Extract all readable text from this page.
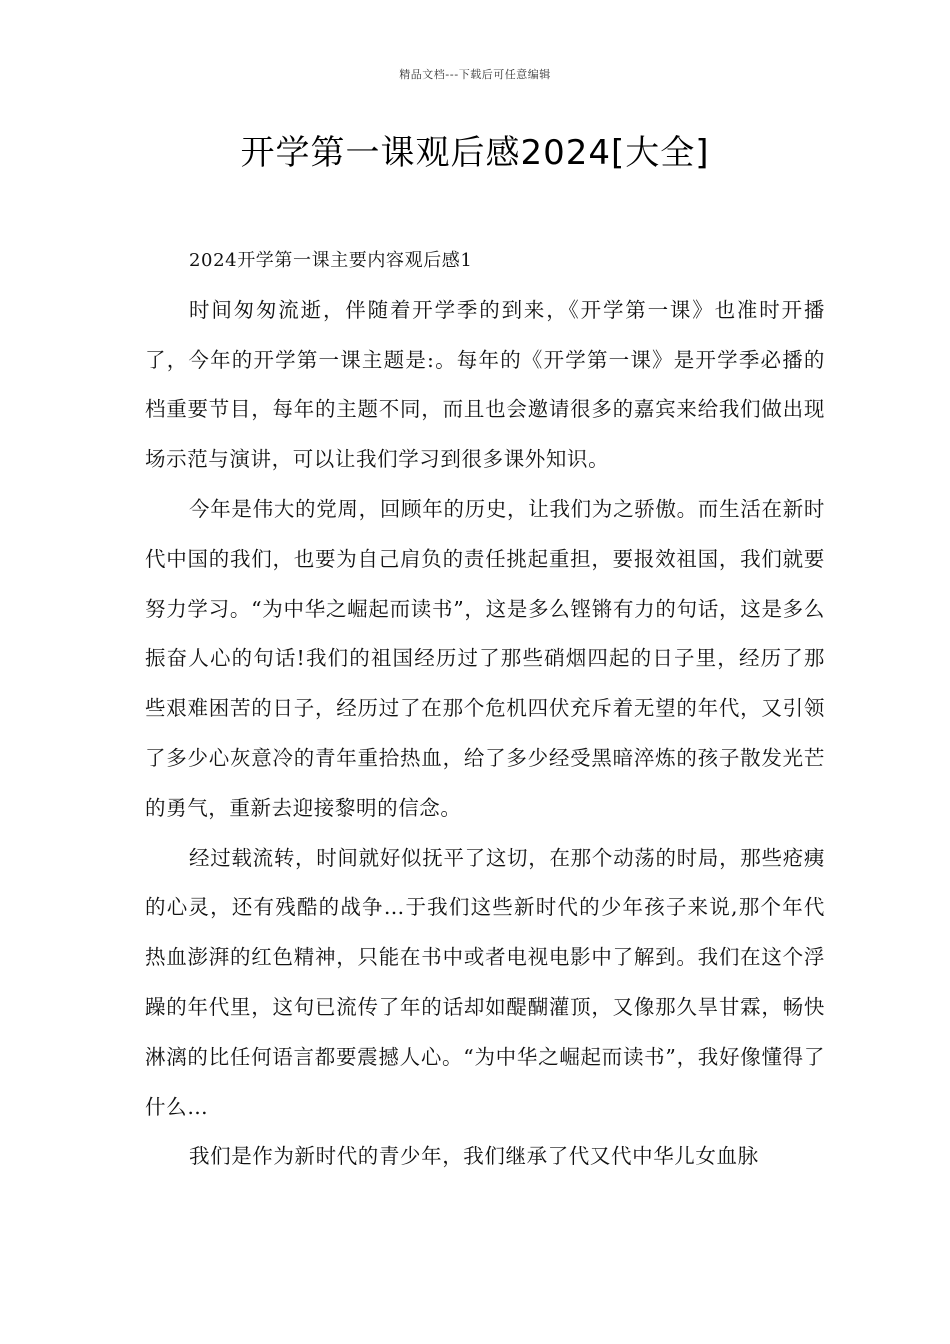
精品文档---下载后可任意编辑
开学第一课观后感2024[大全]

2024开学第一课主要内容观后感1

时间匆匆流逝，伴随着开学季的到来，《开学第一课》也准时开播了，今年的开学第一课主题是:。每年的《开学第一课》是开学季必播的档重要节目，每年的主题不同，而且也会邀请很多的嘉宾来给我们做出现场示范与演讲，可以让我们学习到很多课外知识。

今年是伟大的党周，回顾年的历史，让我们为之骄傲。而生活在新时代中国的我们，也要为自己肩负的责任挑起重担，要报效祖国，我们就要努力学习。“为中华之崛起而读书”，这是多么铿锵有力的句话，这是多么振奋人心的句话!我们的祖国经历过了那些硝烟四起的日子里，经历了那些艰难困苦的日子，经历过了在那个危机四伏充斥着无望的年代，又引领了多少心灰意冷的青年重拾热血，给了多少经受黑暗淬炼的孩子散发光芒的勇气，重新去迎接黎明的信念。

经过载流转，时间就好似抚平了这切，在那个动荡的时局，那些疮痍的心灵，还有残酷的战争…于我们这些新时代的少年孩子来说,那个年代热血澎湃的红色精神，只能在书中或者电视电影中了解到。我们在这个浮躁的年代里，这句已流传了年的话却如醍醐灌顶，又像那久旱甘霖，畅快淋漓的比任何语言都要震撼人心。“为中华之崛起而读书”，我好像懂得了什么…

我们是作为新时代的青少年，我们继承了代又代中华儿女血脉
